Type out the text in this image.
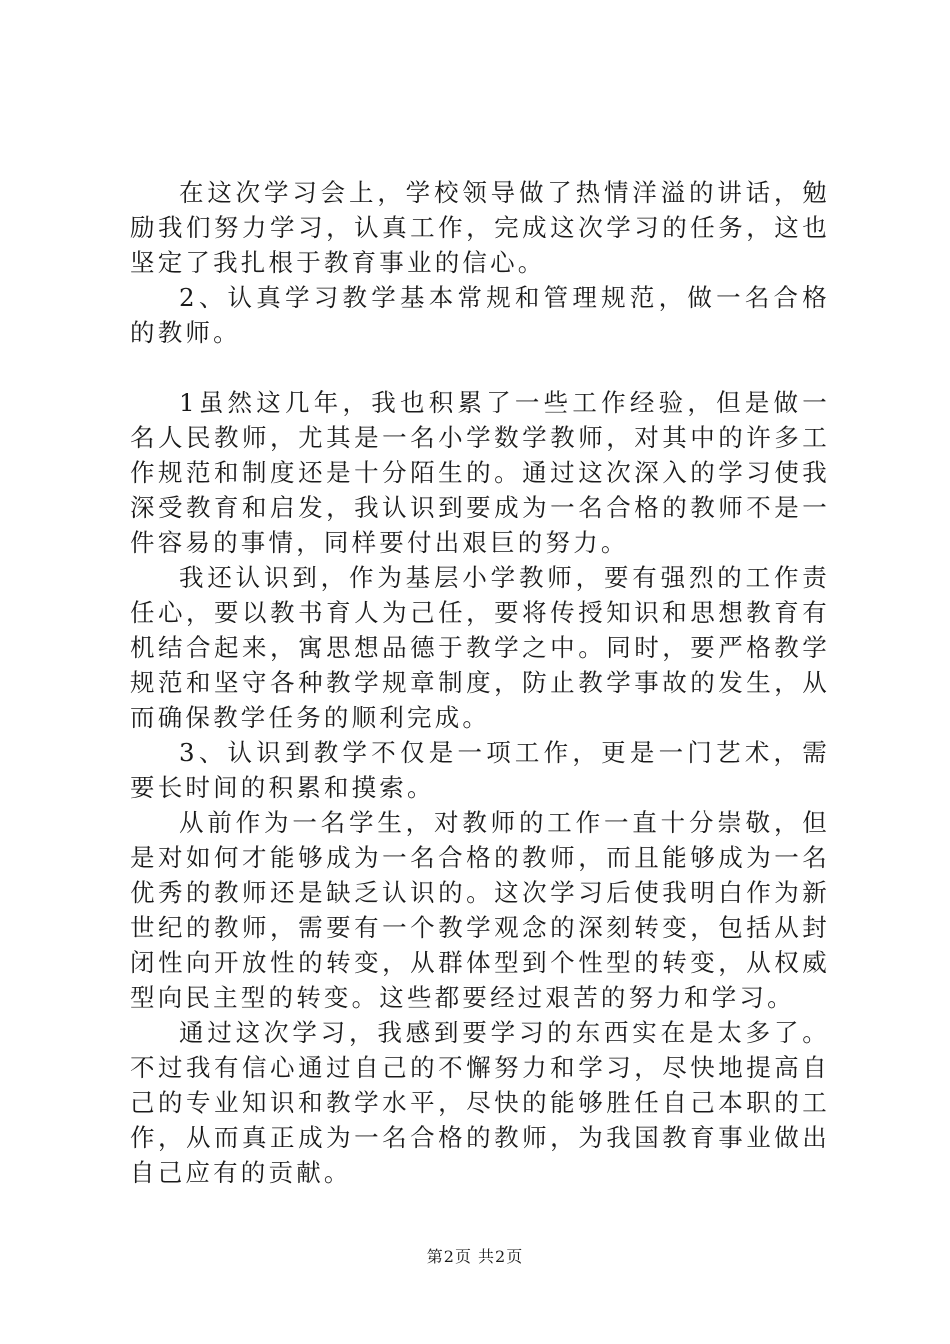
在这次学习会上，学校领导做了热情洋溢的讲话，勉励我们努力学习，认真工作，完成这次学习的任务，这也坚定了我扎根于教育事业的信心。

2、认真学习教学基本常规和管理规范，做一名合格的教师。

1虽然这几年，我也积累了一些工作经验，但是做一名人民教师，尤其是一名小学数学教师，对其中的许多工作规范和制度还是十分陌生的。通过这次深入的学习使我深受教育和启发，我认识到要成为一名合格的教师不是一件容易的事情，同样要付出艰巨的努力。

我还认识到，作为基层小学教师，要有强烈的工作责任心，要以教书育人为己任，要将传授知识和思想教育有机结合起来，寓思想品德于教学之中。同时，要严格教学规范和坚守各种教学规章制度，防止教学事故的发生，从而确保教学任务的顺利完成。

3、认识到教学不仅是一项工作，更是一门艺术，需要长时间的积累和摸索。

从前作为一名学生，对教师的工作一直十分崇敬，但是对如何才能够成为一名合格的教师，而且能够成为一名优秀的教师还是缺乏认识的。这次学习后使我明白作为新世纪的教师，需要有一个教学观念的深刻转变，包括从封闭性向开放性的转变，从群体型到个性型的转变，从权威型向民主型的转变。这些都要经过艰苦的努力和学习。

通过这次学习，我感到要学习的东西实在是太多了。不过我有信心通过自己的不懈努力和学习，尽快地提高自己的专业知识和教学水平，尽快的能够胜任自己本职的工作，从而真正成为一名合格的教师，为我国教育事业做出自己应有的贡献。

第2页 共2页
